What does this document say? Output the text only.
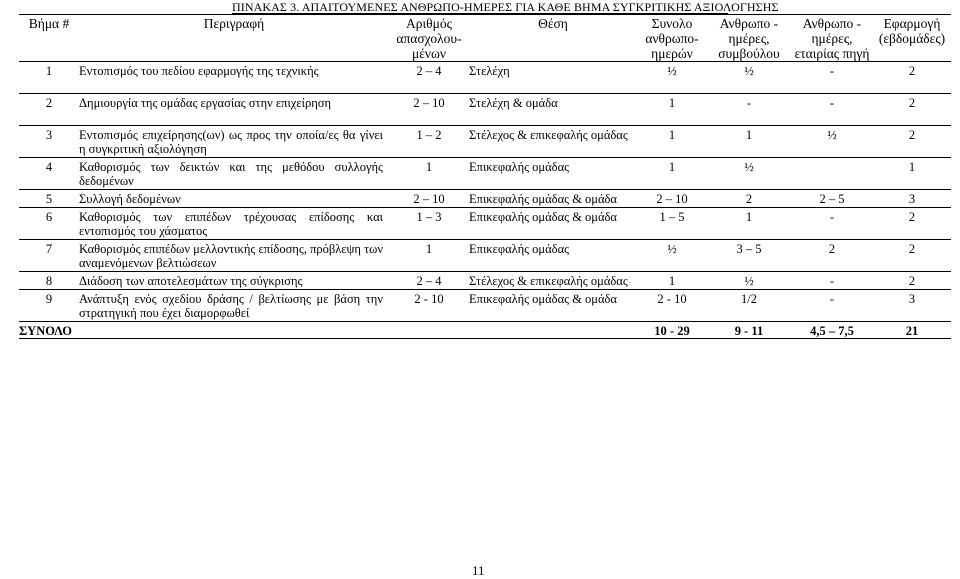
ΠΙΝΑΚΑΣ 3. ΑΠΑΙΤΟΥΜΕΝΕΣ ΑΝΘΡΩΠΟ-ΗΜΕΡΕΣ ΓΙΑ ΚΑΘΕ ΒΗΜΑ ΣΥΓΚΡΙΤΙΚΗΣ ΑΞΙΟΛΟΓΗΣΗΣ
Βήμα #	Περιγραφή	Αριθμός απασχολου-μένων	Θέση	Συνολο ανθρωπο-ημερών	Ανθρωπο - ημέρες, συμβούλου	Ανθρωπο - ημέρες, εταιρίας πηγή	Εφαρμογή (εβδομάδες)
1	Εντοπισμός του πεδίου εφαρμογής της τεχνικής	2 – 4	Στελέχη	½	½	-	2
2	Δημιουργία της ομάδας εργασίας στην επιχείρηση	2 – 10	Στελέχη & ομάδα	1	-	-	2
3	Εντοπισμός επιχείρησης(ων) ως προς την οποία/ες θα γίνει η συγκριτική αξιολόγηση	1 – 2	Στέλεχος & επικεφαλής ομάδας	1	1	½	2
4	Καθορισμός των δεικτών και της μεθόδου συλλογής δεδομένων	1	Επικεφαλής ομάδας	1	½		1
5	Συλλογή δεδομένων	2 – 10	Επικεφαλής ομάδας & ομάδα	2 – 10	2	2 – 5	3
6	Καθορισμός των επιπέδων τρέχουσας επίδοσης και εντοπισμός του χάσματος	1 – 3	Επικεφαλής ομάδας & ομάδα	1 – 5	1	-	2
7	Καθορισμός επιπέδων μελλοντικής επίδοσης, πρόβλεψη των αναμενόμενων βελτιώσεων	1	Επικεφαλής ομάδας	½	3 – 5	2	2
8	Διάδοση των αποτελεσμάτων της σύγκρισης	2 – 4	Στέλεχος & επικεφαλής ομάδας	1	½	-	2
9	Ανάπτυξη ενός σχεδίου δράσης / βελτίωσης με βάση την στρατηγική που έχει διαμορφωθεί	2 - 10	Επικεφαλής ομάδας & ομάδα	2 - 10	1/2	-	3
ΣΥΝΟΛΟ				10 - 29	9 - 11	4,5 – 7,5	21
11
